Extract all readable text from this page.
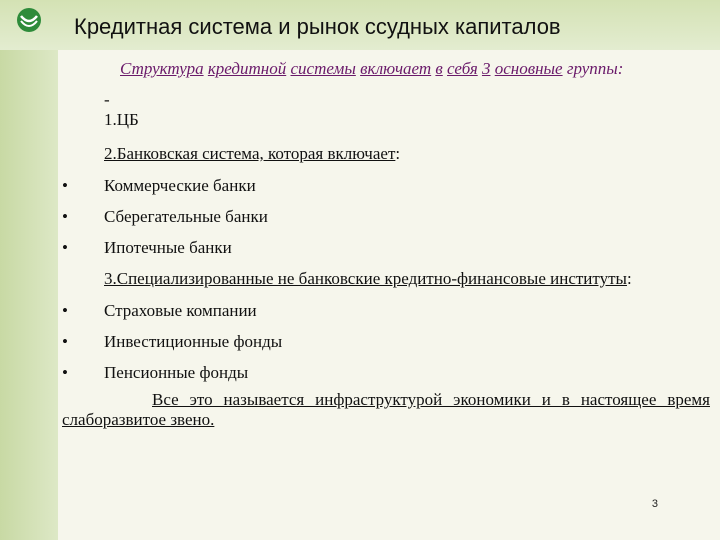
Кредитная система и рынок ссудных капиталов
Структура кредитной системы включает в себя 3 основные группы:
-
1.ЦБ
2.Банковская система, которая включает:
• Коммерческие банки
• Сберегательные банки
• Ипотечные банки
3.Специализированные не банковские кредитно-финансовые институты:
• Страховые компании
• Инвестиционные фонды
• Пенсионные фонды
Все это называется инфраструктурой экономики и в настоящее время слаборазвитое звено.
3
